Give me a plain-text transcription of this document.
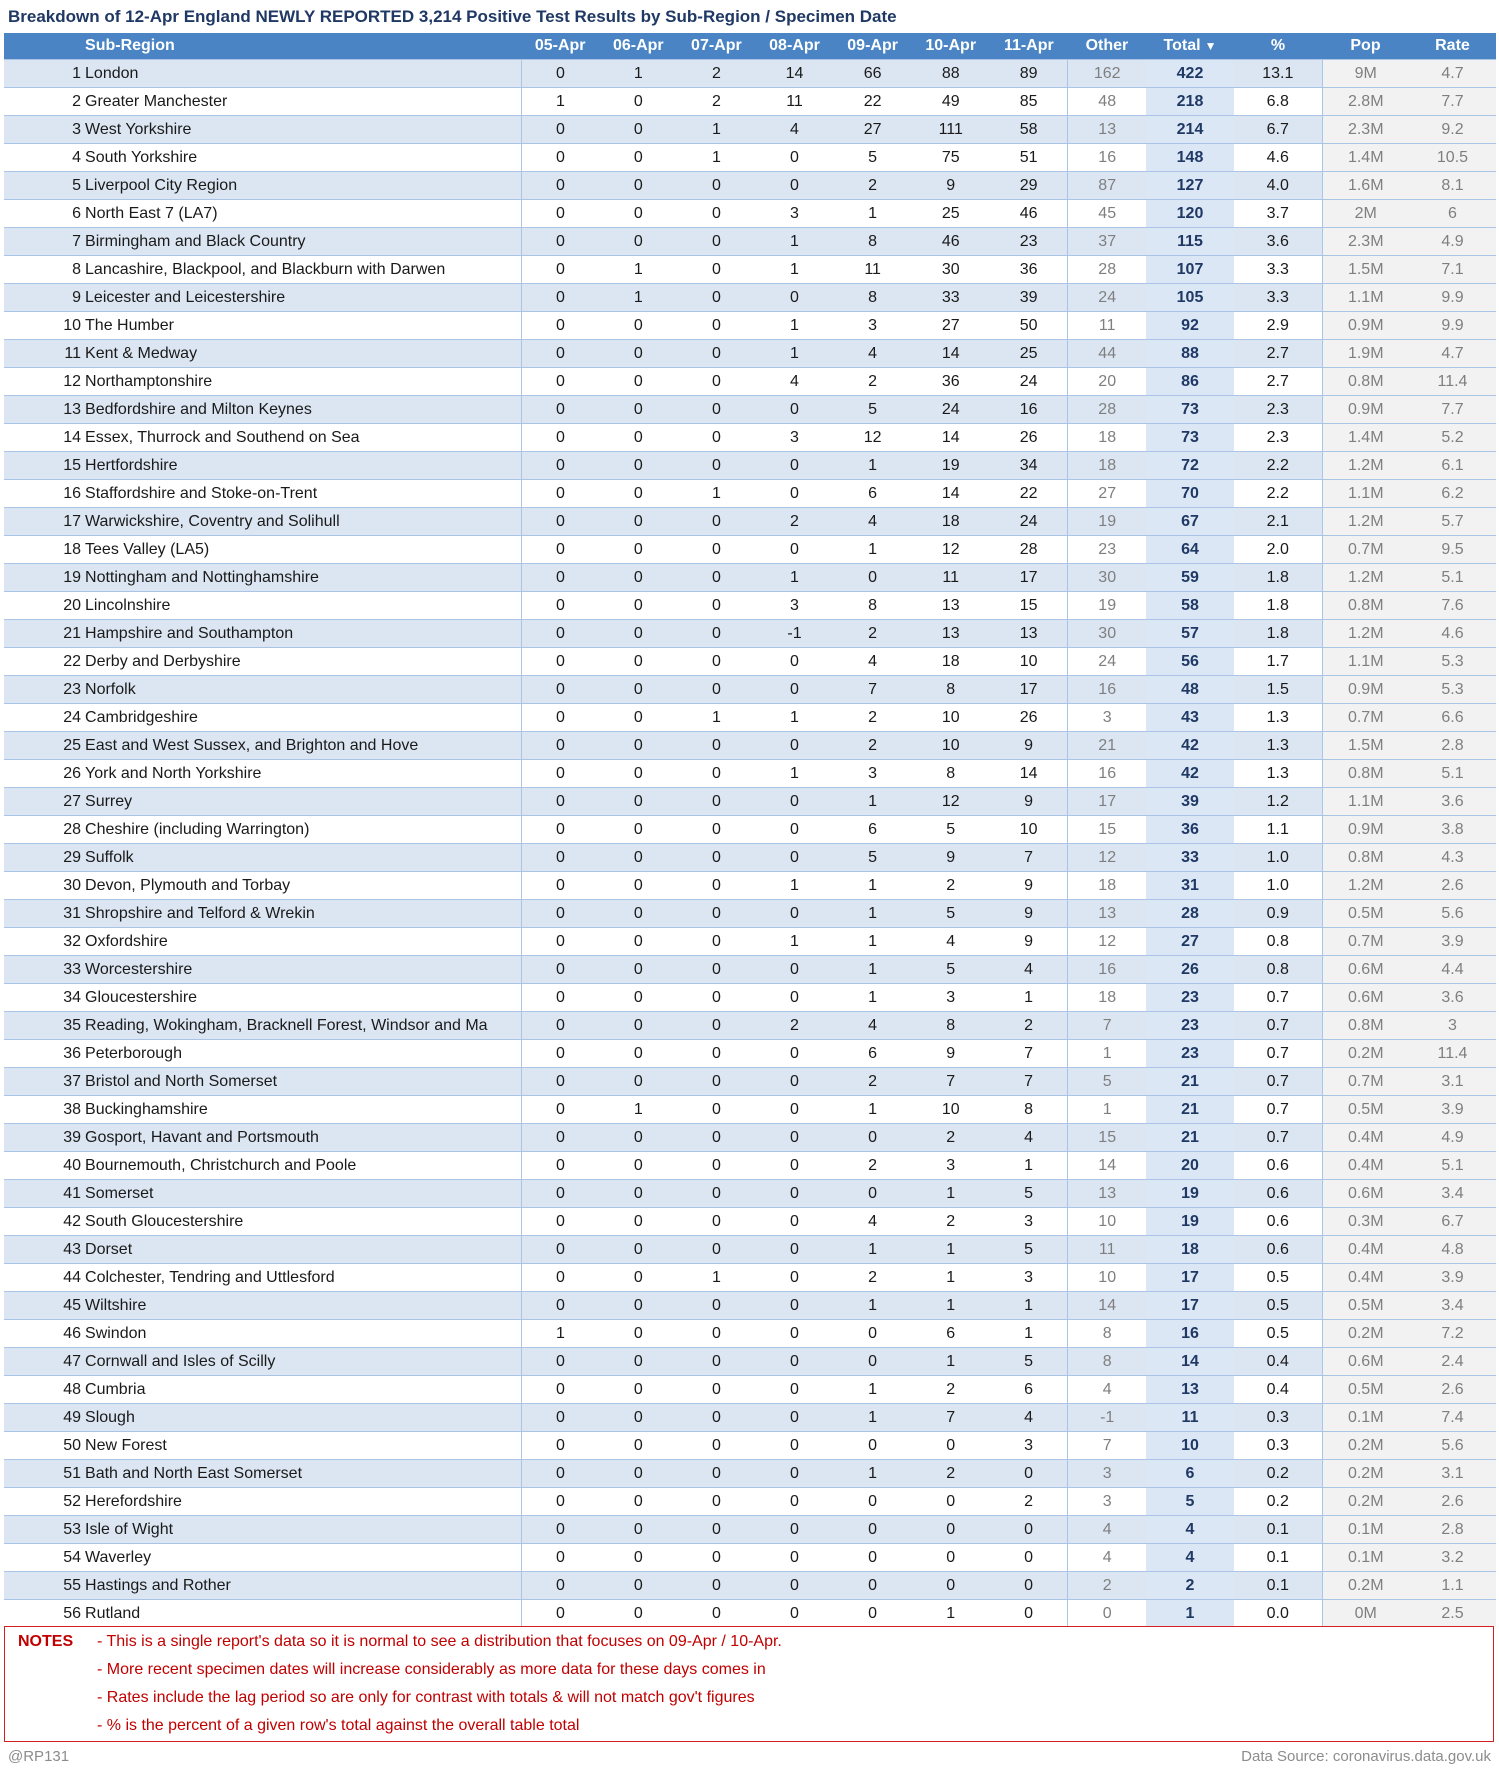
Breakdown of 12-Apr England NEWLY REPORTED 3,214 Positive Test Results by Sub-Region / Specimen Date
	Sub-Region	05-Apr	06-Apr	07-Apr	08-Apr	09-Apr	10-Apr	11-Apr	Other	Total ▼	%	Pop	Rate
1	London	0	1	2	14	66	88	89	162	422	13.1	9M	4.7
2	Greater Manchester	1	0	2	11	22	49	85	48	218	6.8	2.8M	7.7
3	West Yorkshire	0	0	1	4	27	111	58	13	214	6.7	2.3M	9.2
4	South Yorkshire	0	0	1	0	5	75	51	16	148	4.6	1.4M	10.5
5	Liverpool City Region	0	0	0	0	2	9	29	87	127	4.0	1.6M	8.1
6	North East 7 (LA7)	0	0	0	3	1	25	46	45	120	3.7	2M	6
7	Birmingham and Black Country	0	0	0	1	8	46	23	37	115	3.6	2.3M	4.9
8	Lancashire, Blackpool, and Blackburn with Darwen	0	1	0	1	11	30	36	28	107	3.3	1.5M	7.1
9	Leicester and Leicestershire	0	1	0	0	8	33	39	24	105	3.3	1.1M	9.9
10	The Humber	0	0	0	1	3	27	50	11	92	2.9	0.9M	9.9
11	Kent & Medway	0	0	0	1	4	14	25	44	88	2.7	1.9M	4.7
12	Northamptonshire	0	0	0	4	2	36	24	20	86	2.7	0.8M	11.4
13	Bedfordshire and Milton Keynes	0	0	0	0	5	24	16	28	73	2.3	0.9M	7.7
14	Essex, Thurrock and Southend on Sea	0	0	0	3	12	14	26	18	73	2.3	1.4M	5.2
15	Hertfordshire	0	0	0	0	1	19	34	18	72	2.2	1.2M	6.1
16	Staffordshire and Stoke-on-Trent	0	0	1	0	6	14	22	27	70	2.2	1.1M	6.2
17	Warwickshire, Coventry and Solihull	0	0	0	2	4	18	24	19	67	2.1	1.2M	5.7
18	Tees Valley (LA5)	0	0	0	0	1	12	28	23	64	2.0	0.7M	9.5
19	Nottingham and Nottinghamshire	0	0	0	1	0	11	17	30	59	1.8	1.2M	5.1
20	Lincolnshire	0	0	0	3	8	13	15	19	58	1.8	0.8M	7.6
21	Hampshire and Southampton	0	0	0	-1	2	13	13	30	57	1.8	1.2M	4.6
22	Derby and Derbyshire	0	0	0	0	4	18	10	24	56	1.7	1.1M	5.3
23	Norfolk	0	0	0	0	7	8	17	16	48	1.5	0.9M	5.3
24	Cambridgeshire	0	0	1	1	2	10	26	3	43	1.3	0.7M	6.6
25	East and West Sussex, and Brighton and Hove	0	0	0	0	2	10	9	21	42	1.3	1.5M	2.8
26	York and North Yorkshire	0	0	0	1	3	8	14	16	42	1.3	0.8M	5.1
27	Surrey	0	0	0	0	1	12	9	17	39	1.2	1.1M	3.6
28	Cheshire (including Warrington)	0	0	0	0	6	5	10	15	36	1.1	0.9M	3.8
29	Suffolk	0	0	0	0	5	9	7	12	33	1.0	0.8M	4.3
30	Devon, Plymouth and Torbay	0	0	0	1	1	2	9	18	31	1.0	1.2M	2.6
31	Shropshire and Telford & Wrekin	0	0	0	0	1	5	9	13	28	0.9	0.5M	5.6
32	Oxfordshire	0	0	0	1	1	4	9	12	27	0.8	0.7M	3.9
33	Worcestershire	0	0	0	0	1	5	4	16	26	0.8	0.6M	4.4
34	Gloucestershire	0	0	0	0	1	3	1	18	23	0.7	0.6M	3.6
35	Reading, Wokingham, Bracknell Forest, Windsor and Ma	0	0	0	2	4	8	2	7	23	0.7	0.8M	3
36	Peterborough	0	0	0	0	6	9	7	1	23	0.7	0.2M	11.4
37	Bristol and North Somerset	0	0	0	0	2	7	7	5	21	0.7	0.7M	3.1
38	Buckinghamshire	0	1	0	0	1	10	8	1	21	0.7	0.5M	3.9
39	Gosport, Havant and Portsmouth	0	0	0	0	0	2	4	15	21	0.7	0.4M	4.9
40	Bournemouth, Christchurch and Poole	0	0	0	0	2	3	1	14	20	0.6	0.4M	5.1
41	Somerset	0	0	0	0	0	1	5	13	19	0.6	0.6M	3.4
42	South Gloucestershire	0	0	0	0	4	2	3	10	19	0.6	0.3M	6.7
43	Dorset	0	0	0	0	1	1	5	11	18	0.6	0.4M	4.8
44	Colchester, Tendring and Uttlesford	0	0	1	0	2	1	3	10	17	0.5	0.4M	3.9
45	Wiltshire	0	0	0	0	1	1	1	14	17	0.5	0.5M	3.4
46	Swindon	1	0	0	0	0	6	1	8	16	0.5	0.2M	7.2
47	Cornwall and Isles of Scilly	0	0	0	0	0	1	5	8	14	0.4	0.6M	2.4
48	Cumbria	0	0	0	0	1	2	6	4	13	0.4	0.5M	2.6
49	Slough	0	0	0	0	1	7	4	-1	11	0.3	0.1M	7.4
50	New Forest	0	0	0	0	0	0	3	7	10	0.3	0.2M	5.6
51	Bath and North East Somerset	0	0	0	0	1	2	0	3	6	0.2	0.2M	3.1
52	Herefordshire	0	0	0	0	0	0	2	3	5	0.2	0.2M	2.6
53	Isle of Wight	0	0	0	0	0	0	0	4	4	0.1	0.1M	2.8
54	Waverley	0	0	0	0	0	0	0	4	4	0.1	0.1M	3.2
55	Hastings and Rother	0	0	0	0	0	0	0	2	2	0.1	0.2M	1.1
56	Rutland	0	0	0	0	0	1	0	0	1	0.0	0M	2.5
NOTES - This is a single report's data so it is normal to see a distribution that focuses on 09-Apr / 10-Apr.
- More recent specimen dates will increase considerably as more data for these days comes in
- Rates include the lag period so are only for contrast with totals & will not match gov't figures
- % is the percent of a given row's total against the overall table total
@RP131	Data Source: coronavirus.data.gov.uk
